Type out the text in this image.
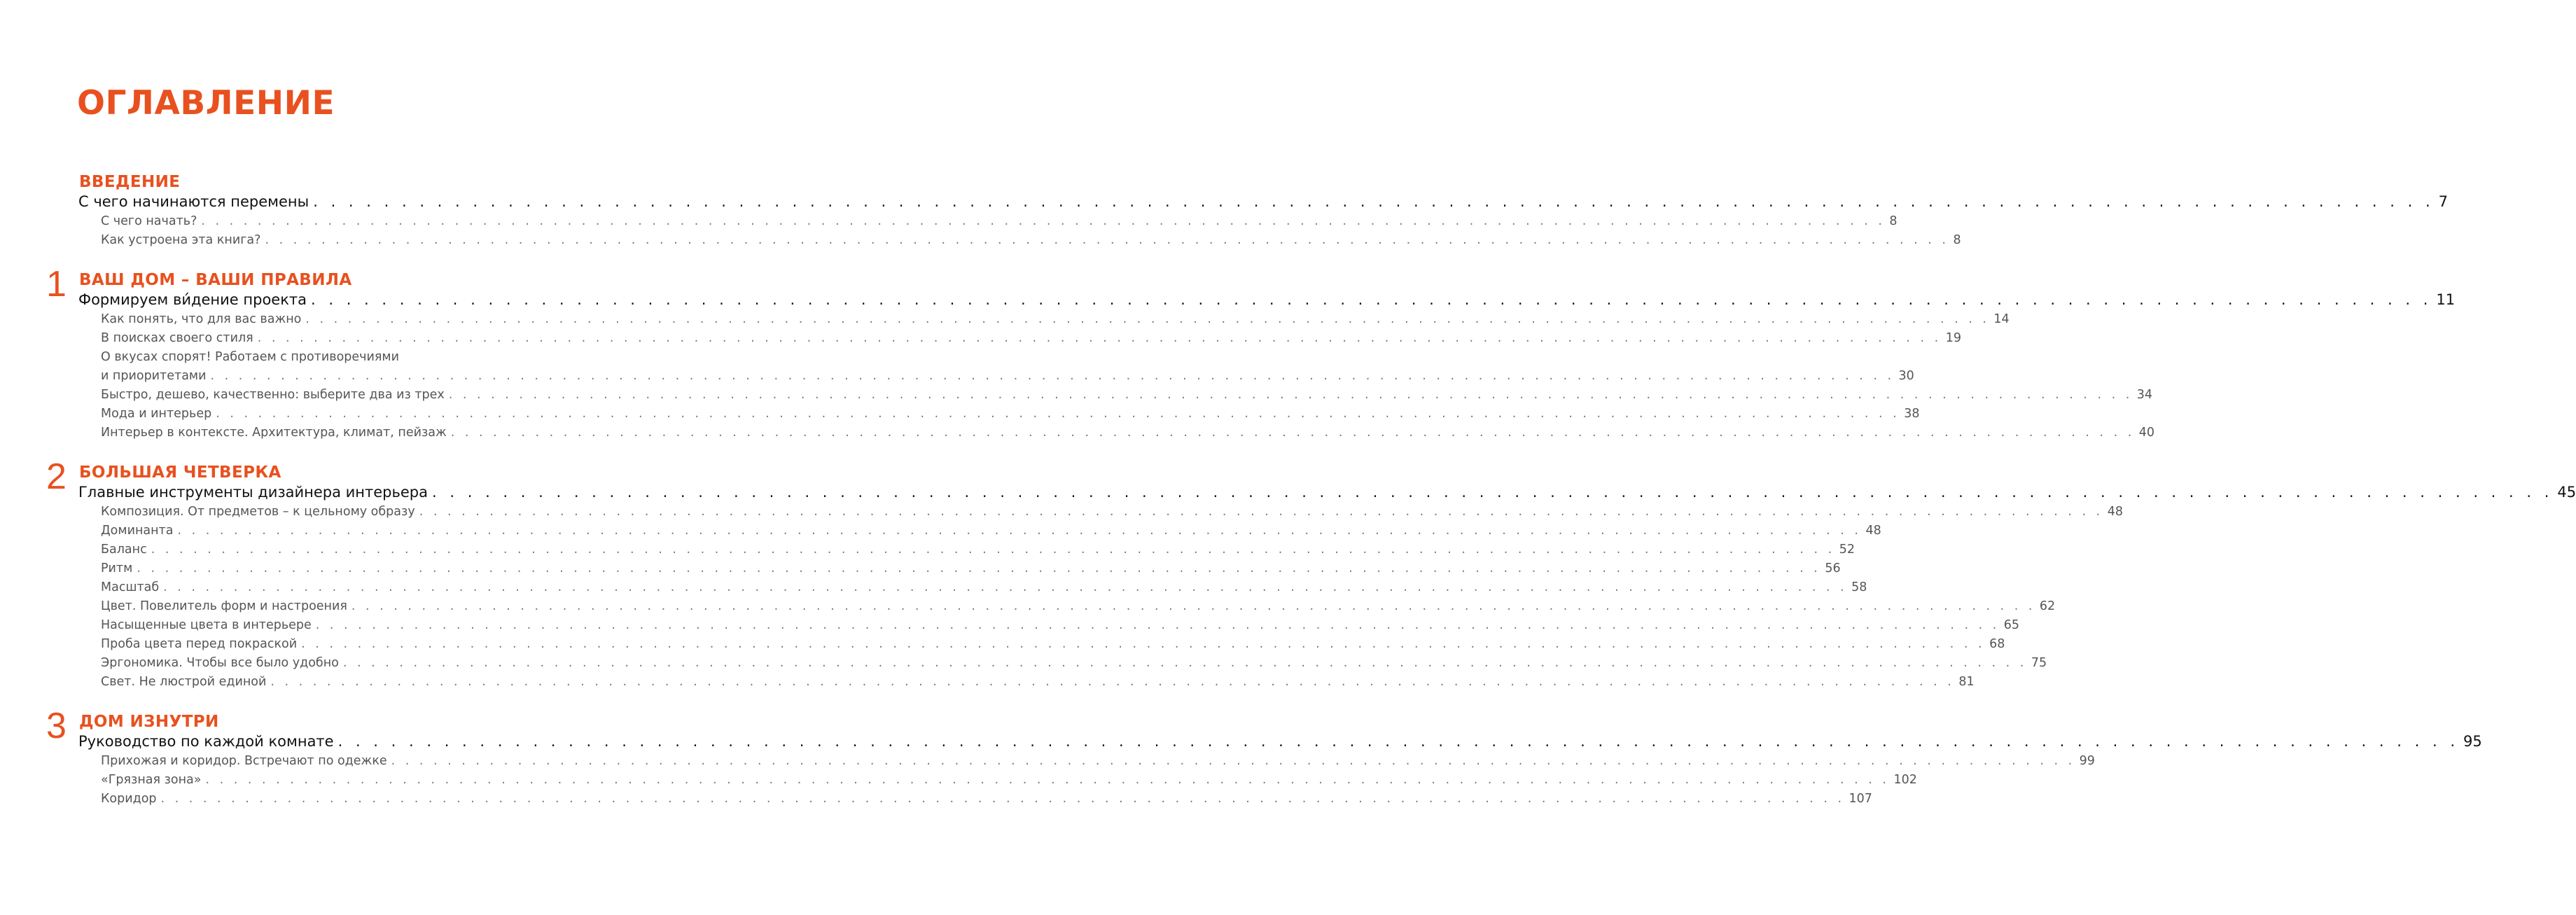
ОГЛАВЛЕНИЕ
ВВЕДЕНИЕ
С чего начинаются перемены . . . . . . . . . . . . . . . . . . . . . . . . . . . . . . . . . . . . . . . . . . . . . . . . . . . . . . . . . . . . . . . . . . . . . . . . . . . . . . . . . . . . . . . . . . . . . . . . . . . . . . . . . . . . . . . . . . . . . . . . 7
С чего начать? . . . . . . . . . . . . . . . . . . . . . . . . . . . . . . . . . . . . . . . . . . . . . . . . . . . . . . . . . . . . . . . . . . . . . . . . . . . . . . . . . . . . . . . . . . . . . . . . . . . . . . . . . . . . . . . . . . . . . . . . 8
Как устроена эта книга? . . . . . . . . . . . . . . . . . . . . . . . . . . . . . . . . . . . . . . . . . . . . . . . . . . . . . . . . . . . . . . . . . . . . . . . . . . . . . . . . . . . . . . . . . . . . . . . . . . . . . . . . . . . . . . . . . . . . . . . . 8
1 ВАШ ДОМ – ВАШИ ПРАВИЛА
Формируем ви́дение проекта . . . . . . . . . . . . . . . . . . . . . . . . . . . . . . . . . . . . . . . . . . . . . . . . . . . . . . . . . . . . . . . . . . . . . . . . . . . . . . . . . . . . . . . . . . . . . . . . . . . . . . . . . . . . . . . . . . . . . . . . 11
Как понять, что для вас важно . . . . . . . . . . . . . . . . . . . . . . . . . . . . . . . . . . . . . . . . . . . . . . . . . . . . . . . . . . . . . . . . . . . . . . . . . . . . . . . . . . . . . . . . . . . . . . . . . . . . . . . . . . . . . . . . . . . . . . . . 14
В поисках своего стиля . . . . . . . . . . . . . . . . . . . . . . . . . . . . . . . . . . . . . . . . . . . . . . . . . . . . . . . . . . . . . . . . . . . . . . . . . . . . . . . . . . . . . . . . . . . . . . . . . . . . . . . . . . . . . . . . . . . . . . . . 19
О вкусах спорят! Работаем с противоречиями
и приоритетами . . . . . . . . . . . . . . . . . . . . . . . . . . . . . . . . . . . . . . . . . . . . . . . . . . . . . . . . . . . . . . . . . . . . . . . . . . . . . . . . . . . . . . . . . . . . . . . . . . . . . . . . . . . . . . . . . . . . . . . . 30
Быстро, дешево, качественно: выберите два из трех . . . . . . . . . . . . . . . . . . . . . . . . . . . . . . . . . . . . . . . . . . . . . . . . . . . . . . . . . . . . . . . . . . . . . . . . . . . . . . . . . . . . . . . . . . . . . . . . . . . . . . . . . . . . . . . . . . . . . . . . 34
Мода и интерьер . . . . . . . . . . . . . . . . . . . . . . . . . . . . . . . . . . . . . . . . . . . . . . . . . . . . . . . . . . . . . . . . . . . . . . . . . . . . . . . . . . . . . . . . . . . . . . . . . . . . . . . . . . . . . . . . . . . . . . . . 38
Интерьер в контексте. Архитектура, климат, пейзаж . . . . . . . . . . . . . . . . . . . . . . . . . . . . . . . . . . . . . . . . . . . . . . . . . . . . . . . . . . . . . . . . . . . . . . . . . . . . . . . . . . . . . . . . . . . . . . . . . . . . . . . . . . . . . . . . . . . . . . . . 40
2 БОЛЬШАЯ ЧЕТВЕРКА
Главные инструменты дизайнера интерьера . . . . . . . . . . . . . . . . . . . . . . . . . . . . . . . . . . . . . . . . . . . . . . . . . . . . . . . . . . . . . . . . . . . . . . . . . . . . . . . . . . . . . . . . . . . . . . . . . . . . . . . . . . . . . . . . . . . . . . . . 45
Композиция. От предметов – к цельному образу . . . . . . . . . . . . . . . . . . . . . . . . . . . . . . . . . . . . . . . . . . . . . . . . . . . . . . . . . . . . . . . . . . . . . . . . . . . . . . . . . . . . . . . . . . . . . . . . . . . . . . . . . . . . . . . . . . . . . . . . 48
Доминанта . . . . . . . . . . . . . . . . . . . . . . . . . . . . . . . . . . . . . . . . . . . . . . . . . . . . . . . . . . . . . . . . . . . . . . . . . . . . . . . . . . . . . . . . . . . . . . . . . . . . . . . . . . . . . . . . . . . . . . . . 48
Баланс . . . . . . . . . . . . . . . . . . . . . . . . . . . . . . . . . . . . . . . . . . . . . . . . . . . . . . . . . . . . . . . . . . . . . . . . . . . . . . . . . . . . . . . . . . . . . . . . . . . . . . . . . . . . . . . . . . . . . . . . 52
Ритм . . . . . . . . . . . . . . . . . . . . . . . . . . . . . . . . . . . . . . . . . . . . . . . . . . . . . . . . . . . . . . . . . . . . . . . . . . . . . . . . . . . . . . . . . . . . . . . . . . . . . . . . . . . . . . . . . . . . . . . . 56
Масштаб . . . . . . . . . . . . . . . . . . . . . . . . . . . . . . . . . . . . . . . . . . . . . . . . . . . . . . . . . . . . . . . . . . . . . . . . . . . . . . . . . . . . . . . . . . . . . . . . . . . . . . . . . . . . . . . . . . . . . . . . 58
Цвет. Повелитель форм и настроения . . . . . . . . . . . . . . . . . . . . . . . . . . . . . . . . . . . . . . . . . . . . . . . . . . . . . . . . . . . . . . . . . . . . . . . . . . . . . . . . . . . . . . . . . . . . . . . . . . . . . . . . . . . . . . . . . . . . . . . . 62
Насыщенные цвета в интерьере . . . . . . . . . . . . . . . . . . . . . . . . . . . . . . . . . . . . . . . . . . . . . . . . . . . . . . . . . . . . . . . . . . . . . . . . . . . . . . . . . . . . . . . . . . . . . . . . . . . . . . . . . . . . . . . . . . . . . . . . 65
Проба цвета перед покраской . . . . . . . . . . . . . . . . . . . . . . . . . . . . . . . . . . . . . . . . . . . . . . . . . . . . . . . . . . . . . . . . . . . . . . . . . . . . . . . . . . . . . . . . . . . . . . . . . . . . . . . . . . . . . . . . . . . . . . . . 68
Эргономика. Чтобы все было удобно . . . . . . . . . . . . . . . . . . . . . . . . . . . . . . . . . . . . . . . . . . . . . . . . . . . . . . . . . . . . . . . . . . . . . . . . . . . . . . . . . . . . . . . . . . . . . . . . . . . . . . . . . . . . . . . . . . . . . . . . 75
Свет. Не люстрой единой . . . . . . . . . . . . . . . . . . . . . . . . . . . . . . . . . . . . . . . . . . . . . . . . . . . . . . . . . . . . . . . . . . . . . . . . . . . . . . . . . . . . . . . . . . . . . . . . . . . . . . . . . . . . . . . . . . . . . . . . 81
3 ДОМ ИЗНУТРИ
Руководство по каждой комнате . . . . . . . . . . . . . . . . . . . . . . . . . . . . . . . . . . . . . . . . . . . . . . . . . . . . . . . . . . . . . . . . . . . . . . . . . . . . . . . . . . . . . . . . . . . . . . . . . . . . . . . . . . . . . . . . . . . . . . . . 95
Прихожая и коридор. Встречают по одежке . . . . . . . . . . . . . . . . . . . . . . . . . . . . . . . . . . . . . . . . . . . . . . . . . . . . . . . . . . . . . . . . . . . . . . . . . . . . . . . . . . . . . . . . . . . . . . . . . . . . . . . . . . . . . . . . . . . . . . . . 99
«Грязная зона» . . . . . . . . . . . . . . . . . . . . . . . . . . . . . . . . . . . . . . . . . . . . . . . . . . . . . . . . . . . . . . . . . . . . . . . . . . . . . . . . . . . . . . . . . . . . . . . . . . . . . . . . . . . . . . . . . . . . . . . . 102
Коридор . . . . . . . . . . . . . . . . . . . . . . . . . . . . . . . . . . . . . . . . . . . . . . . . . . . . . . . . . . . . . . . . . . . . . . . . . . . . . . . . . . . . . . . . . . . . . . . . . . . . . . . . . . . . . . . . . . . . . . . . 107
